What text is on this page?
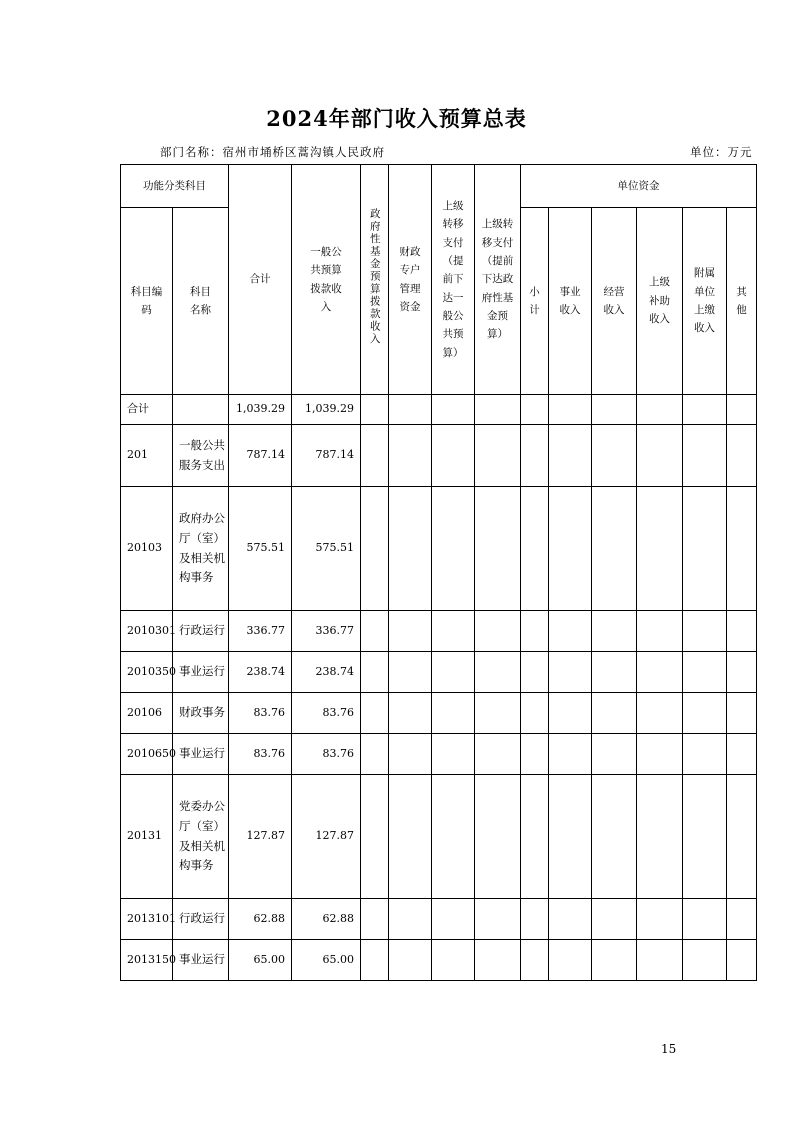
2024年部门收入预算总表
部门名称：宿州市埇桥区蒿沟镇人民政府	单位：万元
功能分类科目		合计	一般公共预算拨款收入	政府性基金预算拨款收入	财政专户管理资金	上级转移支付（提前下达一般公共预算）	上级转移支付（提前下达政府性基金预算）	单位资金					
科目编码	科目名称							小计	事业收入	经营收入	上级补助收入	附属单位上缴收入	其他
合计		1,039.29	1,039.29										
201	一般公共服务支出	787.14	787.14										
20103	政府办公厅（室）及相关机构事务	575.51	575.51										
2010301	行政运行	336.77	336.77										
2010350	事业运行	238.74	238.74										
20106	财政事务	83.76	83.76										
2010650	事业运行	83.76	83.76										
20131	党委办公厅（室）及相关机构事务	127.87	127.87										
2013101	行政运行	62.88	62.88										
2013150	事业运行	65.00	65.00										
15
